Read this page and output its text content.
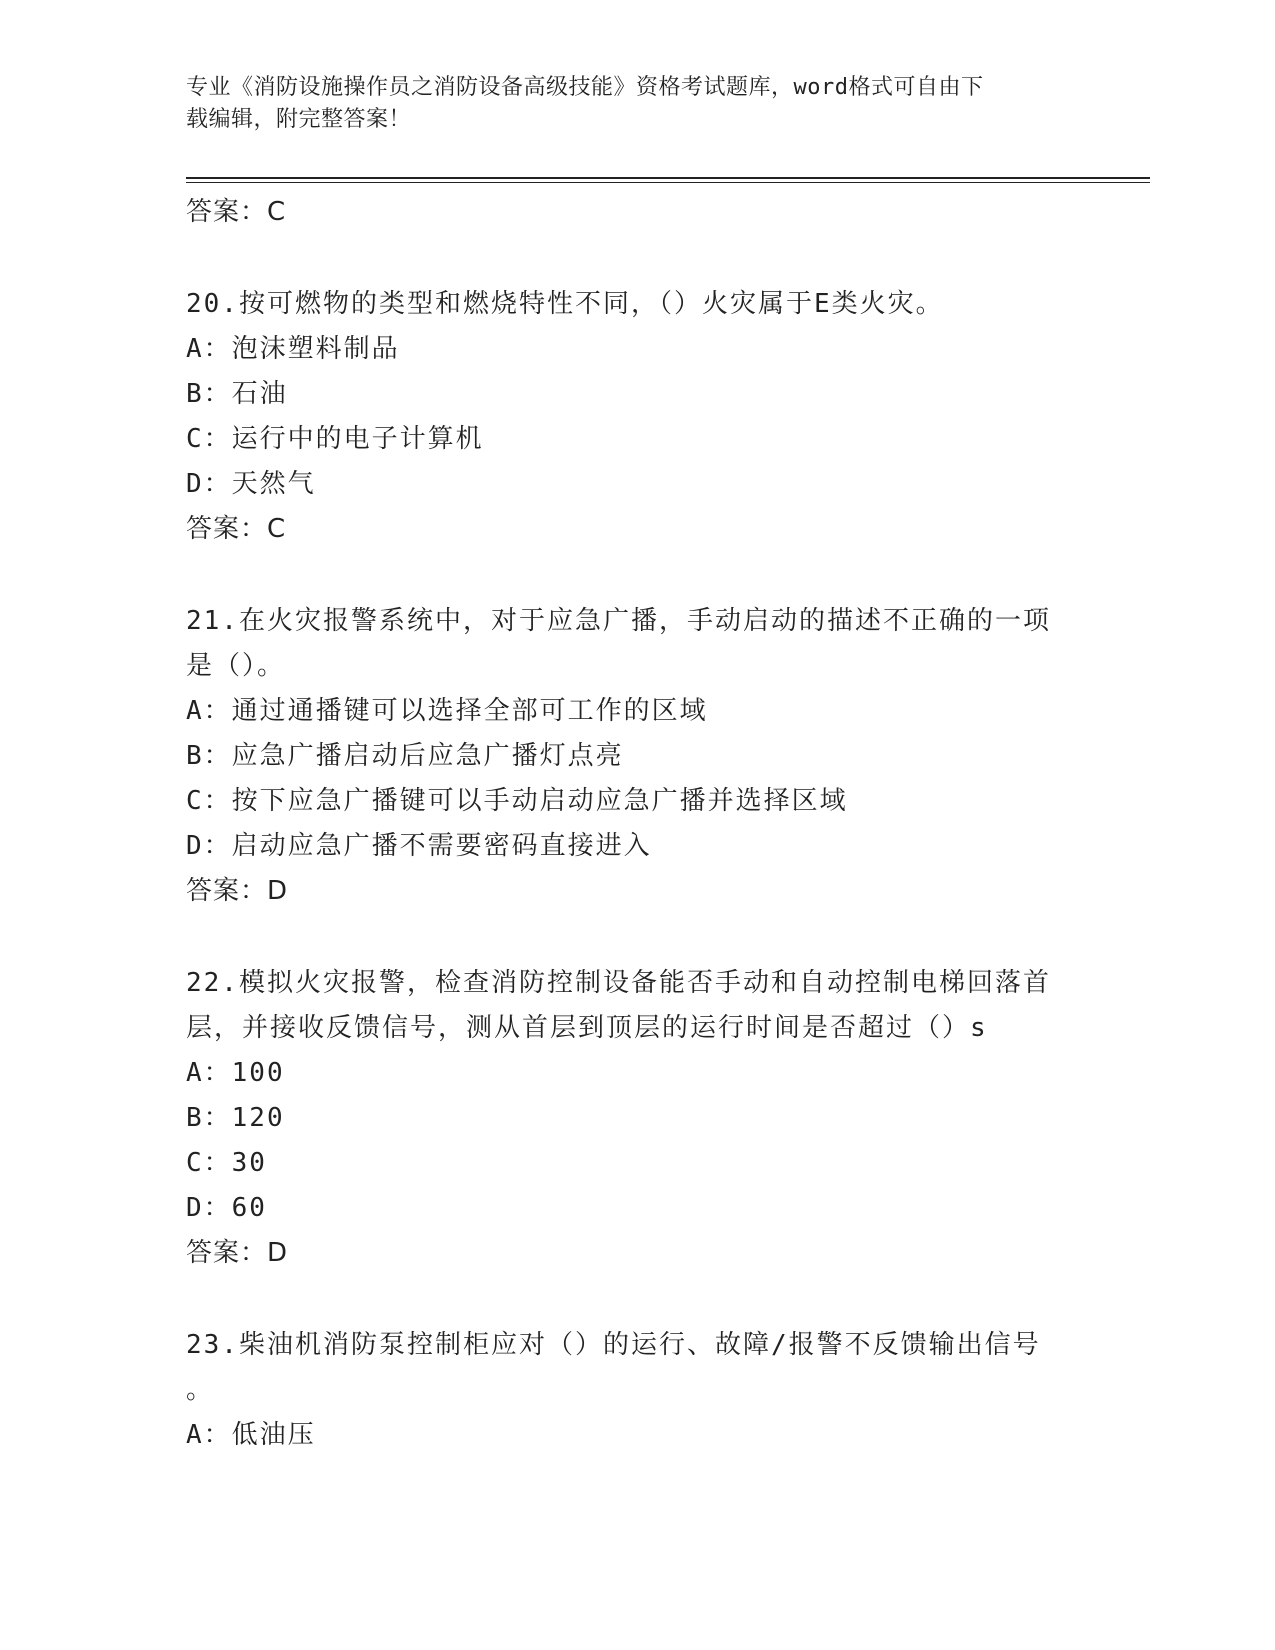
专业《消防设施操作员之消防设备高级技能》资格考试题库，word格式可自由下
载编辑，附完整答案！
答案：C
20.按可燃物的类型和燃烧特性不同，（）火灾属于E类火灾。
A：泡沫塑料制品
B：石油
C：运行中的电子计算机
D：天然气
答案：C
21.在火灾报警系统中，对于应急广播，手动启动的描述不正确的一项
是（）。
A：通过通播键可以选择全部可工作的区域
B：应急广播启动后应急广播灯点亮
C：按下应急广播键可以手动启动应急广播并选择区域
D：启动应急广播不需要密码直接进入
答案：D
22.模拟火灾报警，检查消防控制设备能否手动和自动控制电梯回落首
层，并接收反馈信号，测从首层到顶层的运行时间是否超过（）s
A：100
B：120
C：30
D：60
答案：D
23.柴油机消防泵控制柜应对（）的运行、故障/报警不反馈输出信号
。
A：低油压
